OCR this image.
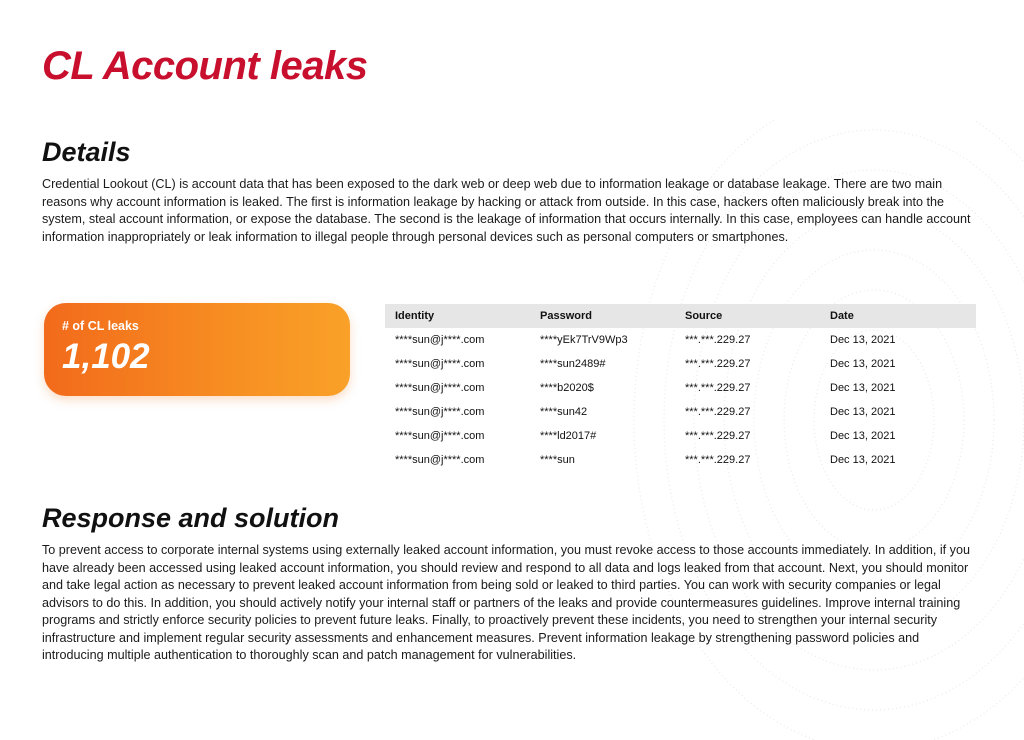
CL Account leaks
Details

Credential Lookout (CL) is account data that has been exposed to the dark web or deep web due to information leakage or database leakage. There are two main reasons why account information is leaked. The first is information leakage by hacking or attack from outside. In this case, hackers often maliciously break into the system, steal account information, or expose the database. The second is the leakage of information that occurs internally. In this case, employees can handle account information inappropriately or leak information to illegal people through personal devices such as personal computers or smartphones.

# of CL leaks
1,102
Identity	Password	Source	Date
****sun@j****.com	****yEk7TrV9Wp3	***.***.229.27	Dec 13, 2021
****sun@j****.com	****sun2489#	***.***.229.27	Dec 13, 2021
****sun@j****.com	****b2020$	***.***.229.27	Dec 13, 2021
****sun@j****.com	****sun42	***.***.229.27	Dec 13, 2021
****sun@j****.com	****ld2017#	***.***.229.27	Dec 13, 2021
****sun@j****.com	****sun	***.***.229.27	Dec 13, 2021
Response and solution

To prevent access to corporate internal systems using externally leaked account information, you must revoke access to those accounts immediately. In addition, if you have already been accessed using leaked account information, you should review and respond to all data and logs leaked from that account. Next, you should monitor and take legal action as necessary to prevent leaked account information from being sold or leaked to third parties. You can work with security companies or legal advisors to do this. In addition, you should actively notify your internal staff or partners of the leaks and provide countermeasures guidelines. Improve internal training programs and strictly enforce security policies to prevent future leaks. Finally, to proactively prevent these incidents, you need to strengthen your internal security infrastructure and implement regular security assessments and enhancement measures. Prevent information leakage by strengthening password policies and introducing multiple authentication to thoroughly scan and patch management for vulnerabilities.
